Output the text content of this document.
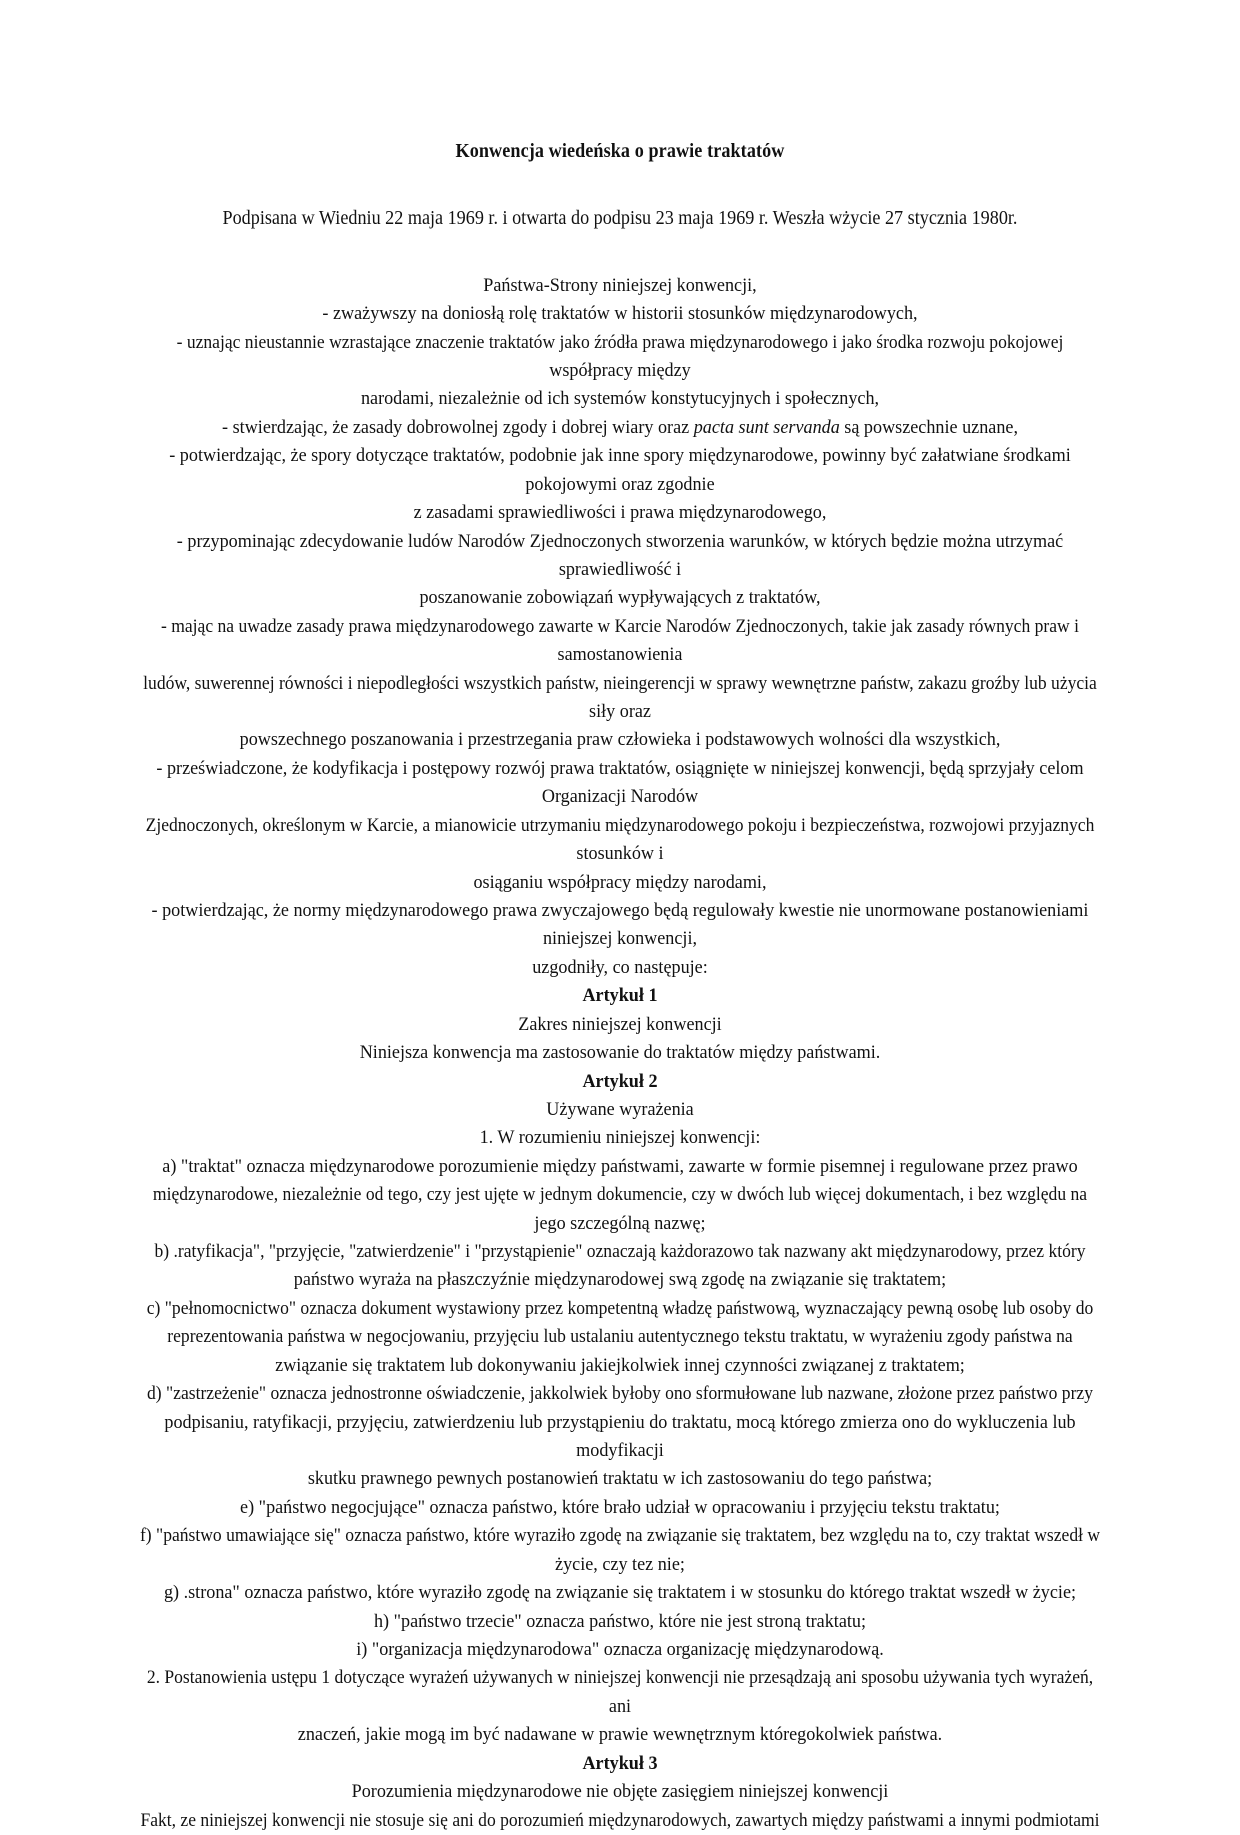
Konwencja wiedeńska o prawie traktatów

Podpisana w Wiedniu 22 maja 1969 r. i otwarta do podpisu 23 maja 1969 r. Weszła wżycie 27 stycznia 1980r.

Państwa-Strony niniejszej konwencji,
- zważywszy na doniosłą rolę traktatów w historii stosunków międzynarodowych,
- uznając nieustannie wzrastające znaczenie traktatów jako źródła prawa międzynarodowego i jako środka rozwoju pokojowej
współpracy między
narodami, niezależnie od ich systemów konstytucyjnych i społecznych,
- stwierdzając, że zasady dobrowolnej zgody i dobrej wiary oraz pacta sunt servanda są powszechnie uznane,
- potwierdzając, że spory dotyczące traktatów, podobnie jak inne spory międzynarodowe, powinny być załatwiane środkami
pokojowymi oraz zgodnie
z zasadami sprawiedliwości i prawa międzynarodowego,
- przypominając zdecydowanie ludów Narodów Zjednoczonych stworzenia warunków, w których będzie można utrzymać
sprawiedliwość i
poszanowanie zobowiązań wypływających z traktatów,
- mając na uwadze zasady prawa międzynarodowego zawarte w Karcie Narodów Zjednoczonych, takie jak zasady równych praw i
samostanowienia
ludów, suwerennej równości i niepodległości wszystkich państw, nieingerencji w sprawy wewnętrzne państw, zakazu groźby lub użycia
siły oraz
powszechnego poszanowania i przestrzegania praw człowieka i podstawowych wolności dla wszystkich,
- przeświadczone, że kodyfikacja i postępowy rozwój prawa traktatów, osiągnięte w niniejszej konwencji, będą sprzyjały celom
Organizacji Narodów
Zjednoczonych, określonym w Karcie, a mianowicie utrzymaniu międzynarodowego pokoju i bezpieczeństwa, rozwojowi przyjaznych
stosunków i
osiąganiu współpracy między narodami,
- potwierdzając, że normy międzynarodowego prawa zwyczajowego będą regulowały kwestie nie unormowane postanowieniami
niniejszej konwencji,
uzgodniły, co następuje:
Artykuł 1
Zakres niniejszej konwencji
Niniejsza konwencja ma zastosowanie do traktatów między państwami.
Artykuł 2
Używane wyrażenia
1. W rozumieniu niniejszej konwencji:
a) "traktat" oznacza międzynarodowe porozumienie między państwami, zawarte w formie pisemnej i regulowane przez prawo
międzynarodowe, niezależnie od tego, czy jest ujęte w jednym dokumencie, czy w dwóch lub więcej dokumentach, i bez względu na
jego szczególną nazwę;
b) .ratyfikacja", "przyjęcie, "zatwierdzenie" i "przystąpienie" oznaczają każdorazowo tak nazwany akt międzynarodowy, przez który
państwo wyraża na płaszczyźnie międzynarodowej swą zgodę na związanie się traktatem;
c) "pełnomocnictwo" oznacza dokument wystawiony przez kompetentną władzę państwową, wyznaczający pewną osobę lub osoby do
reprezentowania państwa w negocjowaniu, przyjęciu lub ustalaniu autentycznego tekstu traktatu, w wyrażeniu zgody państwa na
związanie się traktatem lub dokonywaniu jakiejkolwiek innej czynności związanej z traktatem;
d) "zastrzeżenie" oznacza jednostronne oświadczenie, jakkolwiek byłoby ono sformułowane lub nazwane, złożone przez państwo przy
podpisaniu, ratyfikacji, przyjęciu, zatwierdzeniu lub przystąpieniu do traktatu, mocą którego zmierza ono do wykluczenia lub
modyfikacji
skutku prawnego pewnych postanowień traktatu w ich zastosowaniu do tego państwa;
e) "państwo negocjujące" oznacza państwo, które brało udział w opracowaniu i przyjęciu tekstu traktatu;
f) "państwo umawiające się" oznacza państwo, które wyraziło zgodę na związanie się traktatem, bez względu na to, czy traktat wszedł w
życie, czy tez nie;
g) .strona" oznacza państwo, które wyraziło zgodę na związanie się traktatem i w stosunku do którego traktat wszedł w życie;
h) "państwo trzecie" oznacza państwo, które nie jest stroną traktatu;
i) "organizacja międzynarodowa" oznacza organizację międzynarodową.
2. Postanowienia ustępu 1 dotyczące wyrażeń używanych w niniejszej konwencji nie przesądzają ani sposobu używania tych wyrażeń,
ani
znaczeń, jakie mogą im być nadawane w prawie wewnętrznym któregokolwiek państwa.
Artykuł 3
Porozumienia międzynarodowe nie objęte zasięgiem niniejszej konwencji
Fakt, ze niniejszej konwencji nie stosuje się ani do porozumień międzynarodowych, zawartych między państwami a innymi podmiotami
